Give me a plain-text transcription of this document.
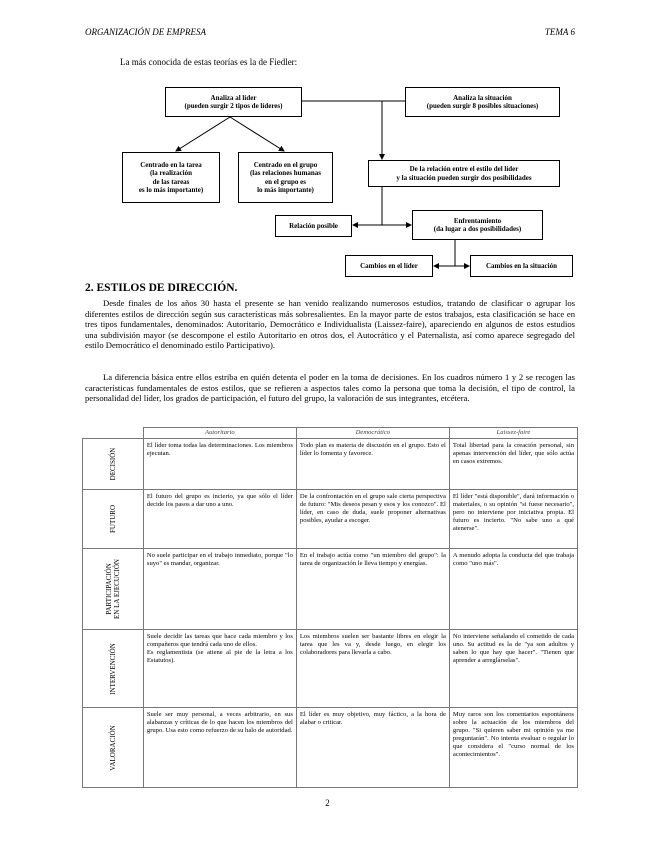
ORGANIZACIÓN DE EMPRESA	TEMA 6
La más conocida de estas teorías es la de Fiedler:
Analiza al líder
(pueden surgir 2 tipos de líderes)
Analiza la situación
(pueden surgir 8 posibles situaciones)
Centrado en la tarea
(la realización
de las tareas
es lo más importante)
Centrado en el grupo
(las relaciones humanas
en el grupo es
lo más importante)
De la relación entre el estilo del líder
y la situación pueden surgir dos posibilidades
Relación posible
Enfrentamiento
(da lugar a dos posibilidades)
Cambios en el líder	Cambios en la situación
2. ESTILOS DE DIRECCIÓN.
Desde finales de los años 30 hasta el presente se han venido realizando numerosos estudios, tratando de clasificar o agrupar los diferentes estilos de dirección según sus características más sobresalientes. En la mayor parte de estos trabajos, esta clasificación se hace en tres tipos fundamentales, denominados: Autoritario, Democrático e Individualista (Laissez-faire), apareciendo en algunos de estos estudios una subdivisión mayor (se descompone el estilo Autoritario en otros dos, el Autocrático y el Paternalista, así como aparece segregado del estilo Democrático el denominado estilo Participativo).
La diferencia básica entre ellos estriba en quién detenta el poder en la toma de decisiones. En los cuadros número 1 y 2 se recogen las características fundamentales de estos estilos, que se refieren a aspectos tales como la persona que toma la decisión, el tipo de control, la personalidad del líder, los grados de participación, el futuro del grupo, la valoración de sus integrantes, etcétera.
	Autoritario	Democrático	Laissez-faire

DECISIÓN	El líder toma todas las determinaciones. Los miembros ejecutan.	Todo plan es materia de discusión en el grupo. Esto el líder lo fomenta y favorece.	Total libertad para la creación personal, sin apenas intervención del líder, que sólo actúa en casos extremos.

FUTURO	El futuro del grupo es incierto, ya que sólo el líder decide los pasos a dar uno a uno.	De la confrontación en el grupo sale cierta perspectiva de futuro: "Mis deseos pesan y esos y los conozco". El líder, en caso de duda, suele proponer alternativas posibles, ayudar a escoger.	El líder "está disponible", dará información o materiales, o su opinión "si fuese necesario", pero no interviene por iniciativa propia. El futuro es incierto. "No sabe uno a qué atenerse".

PARTICIPACIÓN
EN LA EJECUCIÓN	No suele participar en el trabajo inmediato, porque "lo suyo" es mandar, organizar.	En el trabajo actúa como "un miembro del grupo": la tarea de organización le lleva tiempo y energías.	A menudo adopta la conducta del que trabaja como "uno más".

INTERVENCIÓN	Suele decidir las tareas que hace cada miembro y los compañeros que tendrá cada uno de ellos.
Es reglamentista (se atiene al pie de la letra a los Estatutos).	Los miembros suelen ser bastante libres en elegir la tarea que les va y, desde luego, en elegir los colaboradores para llevarla a cabo.	No interviene señalando el cometido de cada uno. Su actitud es la de "ya son adultos y saben lo que hay que hacer". "Tienen que aprender a arreglárselas".

VALORACIÓN	Suele ser muy personal, a veces arbitrario, en sus alabanzas y críticas de lo que hacen los miembros del grupo. Usa esto como refuerzo de su halo de autoridad.	El líder es muy objetivo, muy fáctico, a la hora de alabar o criticar.	Muy raros son los comentarios espontáneos sobre la actuación de los miembros del grupo. "Si quieren saber mi opinión ya me preguntarán". No intenta evaluar o regular lo que considera el "curso normal de los acontecimientos".
2
